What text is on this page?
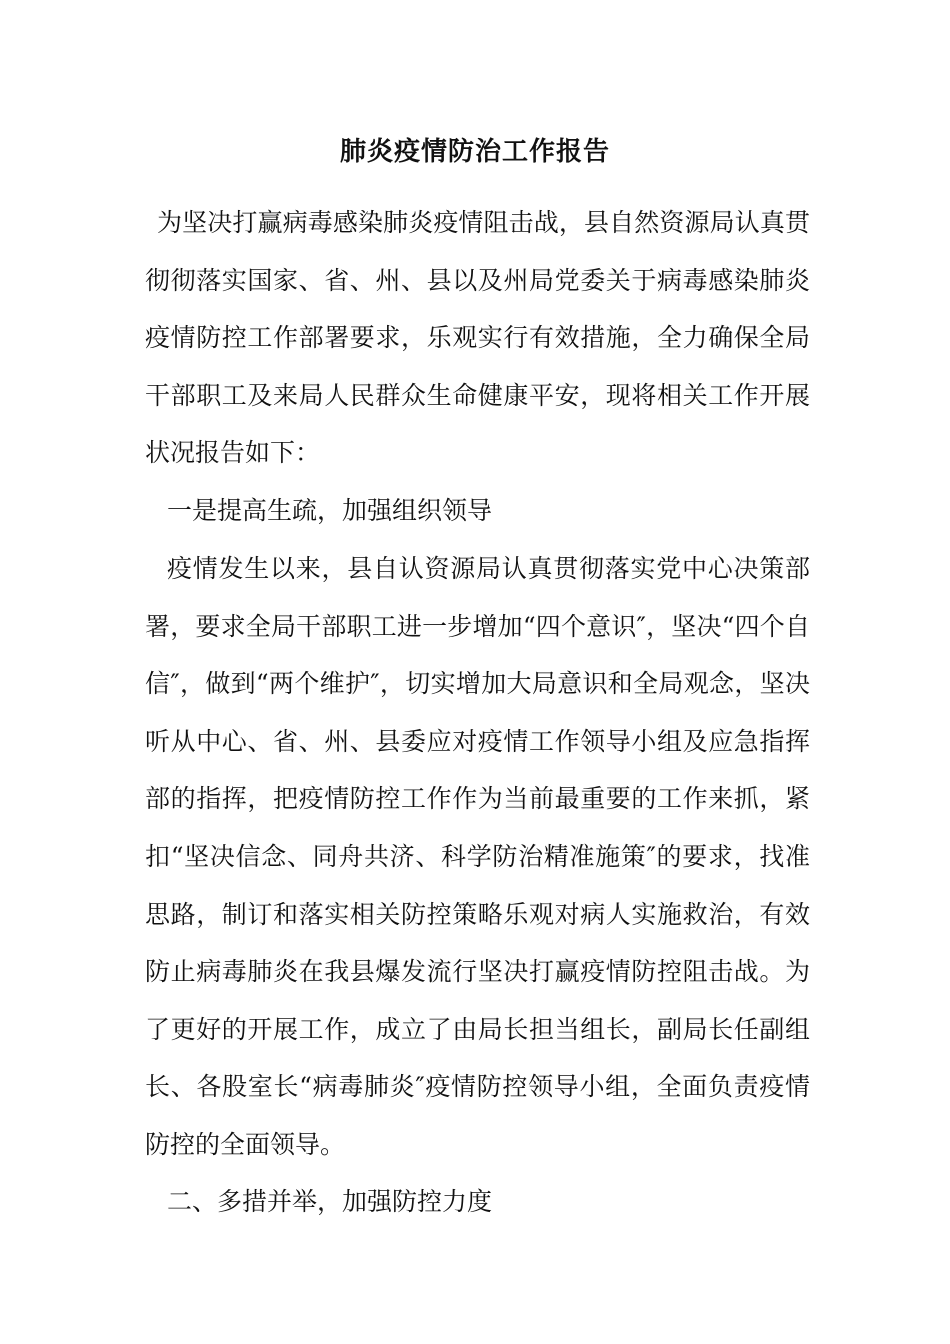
肺炎疫情防治工作报告

为坚决打赢病毒感染肺炎疫情阻击战，县自然资源局认真贯彻彻落实国家、省、州、县以及州局党委关于病毒感染肺炎疫情防控工作部署要求，乐观实行有效措施，全力确保全局干部职工及来局人民群众生命健康平安，现将相关工作开展状况报告如下：

一是提高生疏，加强组织领导

疫情发生以来，县自认资源局认真贯彻落实党中心决策部署，要求全局干部职工进一步增加“四个意识″，坚决“四个自信″，做到“两个维护″，切实增加大局意识和全局观念，坚决听从中心、省、州、县委应对疫情工作领导小组及应急指挥部的指挥，把疫情防控工作作为当前最重要的工作来抓，紧扣“坚决信念、同舟共济、科学防治精准施策″的要求，找准思路，制订和落实相关防控策略乐观对病人实施救治，有效防止病毒肺炎在我县爆发流行坚决打赢疫情防控阻击战。为了更好的开展工作，成立了由局长担当组长，副局长任副组长、各股室长“病毒肺炎″疫情防控领导小组，全面负责疫情防控的全面领导。

二、多措并举，加强防控力度
